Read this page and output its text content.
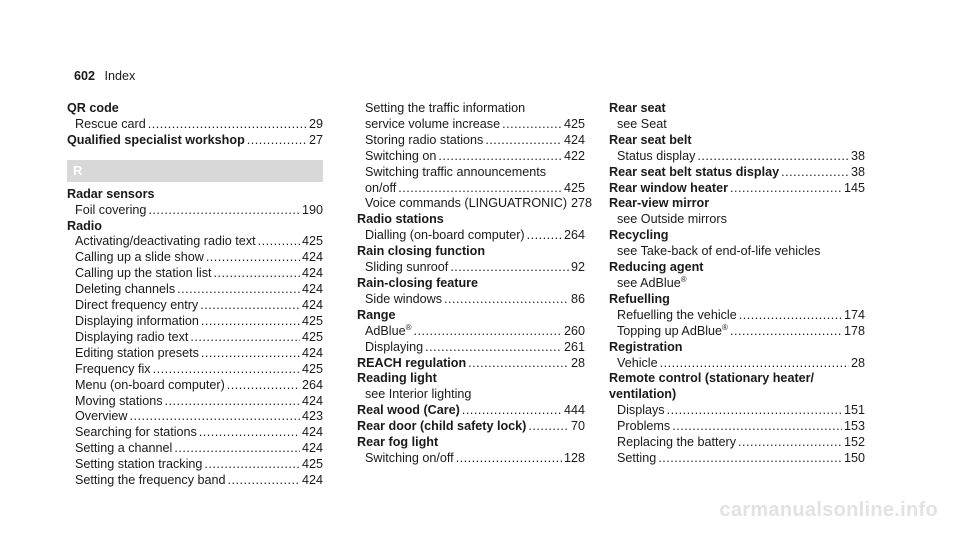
602 Index
QR code
Rescue card .....	29
Qualified specialist workshop .....	27
R
Radar sensors
Foil covering .....	190
Radio
Activating/deactivating radio text .....	425
Calling up a slide show .....	424
Calling up the station list .....	424
Deleting channels .....	424
Direct frequency entry .....	424
Displaying information .....	425
Displaying radio text .....	425
Editing station presets .....	424
Frequency fix .....	425
Menu (on-board computer) .....	264
Moving stations .....	424
Overview .....	423
Searching for stations .....	424
Setting a channel .....	424
Setting station tracking .....	425
Setting the frequency band .....	424
Setting the traffic information
service volume increase .....	425
Storing radio stations .....	424
Switching on .....	422
Switching traffic announcements
on/off .....	425
Voice commands (LINGUATRONIC) 278
Radio stations
Dialling (on-board computer) .....	264
Rain closing function
Sliding sunroof .....	92
Rain-closing feature
Side windows .....	86
Range
AdBlue® .....	260
Displaying .....	261
REACH regulation .....	28
Reading light
see Interior lighting
Real wood (Care) .....	444
Rear door (child safety lock) .....	70
Rear fog light
Switching on/off .....	128
Rear seat
see Seat
Rear seat belt
Status display .....	38
Rear seat belt status display .....	38
Rear window heater .....	145
Rear-view mirror
see Outside mirrors
Recycling
see Take-back of end-of-life vehicles
Reducing agent
see AdBlue®
Refuelling
Refuelling the vehicle .....	174
Topping up AdBlue® .....	178
Registration
Vehicle .....	28
Remote control (stationary heater/
ventilation)
Displays .....	151
Problems .....	153
Replacing the battery .....	152
Setting .....	150
carmanualsonline.info
